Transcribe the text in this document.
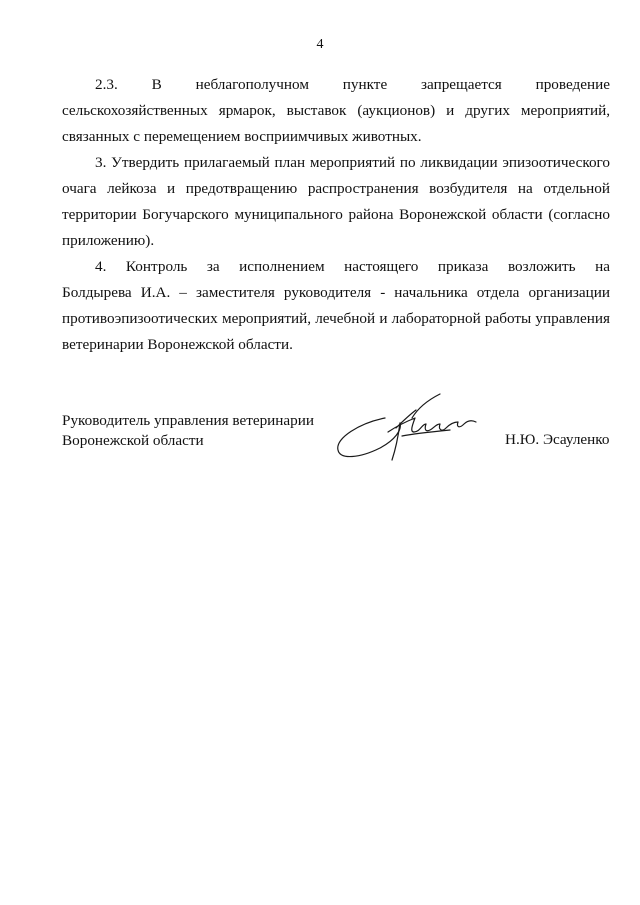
4
2.3. В неблагополучном пункте запрещается проведение
сельскохозяйственных ярмарок, выставок (аукционов) и других мероприятий,
связанных с перемещением восприимчивых животных.
3. Утвердить прилагаемый план мероприятий по ликвидации эпизоотического
очага лейкоза и предотвращению распространения возбудителя на отдельной
территории Богучарского муниципального района Воронежской области (согласно
приложению).
4. Контроль за исполнением настоящего приказа возложить на
Болдырева И.А. – заместителя руководителя - начальника отдела организации
противоэпизоотических мероприятий, лечебной и лабораторной работы управления
ветеринарии Воронежской области.
Руководитель управления ветеринарии
Воронежской области	Н.Ю. Эсауленко
